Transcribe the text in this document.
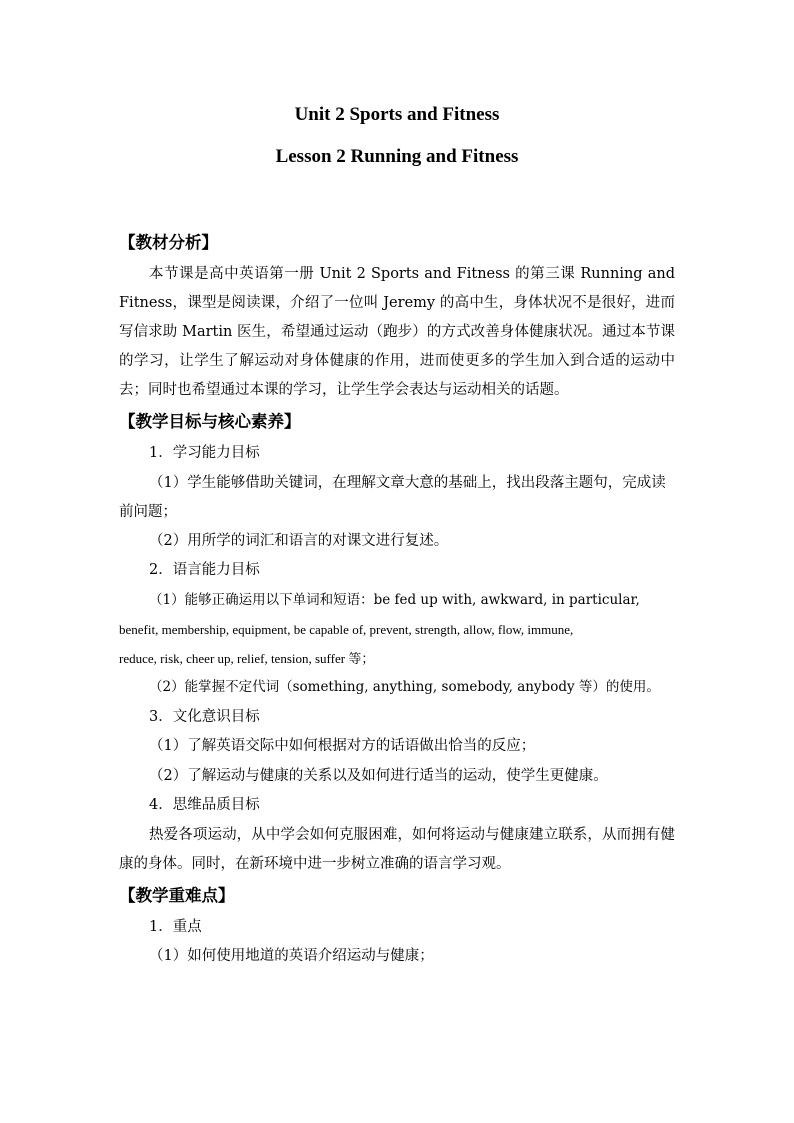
Unit 2 Sports and Fitness
Lesson 2 Running and Fitness

【教材分析】

本节课是高中英语第一册 Unit 2 Sports and Fitness 的第三课 Running and Fitness，课型是阅读课，介绍了一位叫 Jeremy 的高中生，身体状况不是很好，进而写信求助 Martin 医生，希望通过运动（跑步）的方式改善身体健康状况。通过本节课的学习，让学生了解运动对身体健康的作用，进而使更多的学生加入到合适的运动中去；同时也希望通过本课的学习，让学生学会表达与运动相关的话题。

【教学目标与核心素养】

1．学习能力目标

（1）学生能够借助关键词，在理解文章大意的基础上，找出段落主题句，完成读前问题；

（2）用所学的词汇和语言的对课文进行复述。

2．语言能力目标

（1）能够正确运用以下单词和短语：be fed up with, awkward, in particular,

benefit, membership, equipment, be capable of, prevent, strength, allow, flow, immune,

reduce, risk, cheer up, relief, tension, suffer 等；

（2）能掌握不定代词（something, anything, somebody, anybody 等）的使用。

3．文化意识目标

（1）了解英语交际中如何根据对方的话语做出恰当的反应；

（2）了解运动与健康的关系以及如何进行适当的运动，使学生更健康。

4．思维品质目标

热爱各项运动，从中学会如何克服困难，如何将运动与健康建立联系，从而拥有健康的身体。同时，在新环境中进一步树立准确的语言学习观。

【教学重难点】

1．重点

（1）如何使用地道的英语介绍运动与健康；
